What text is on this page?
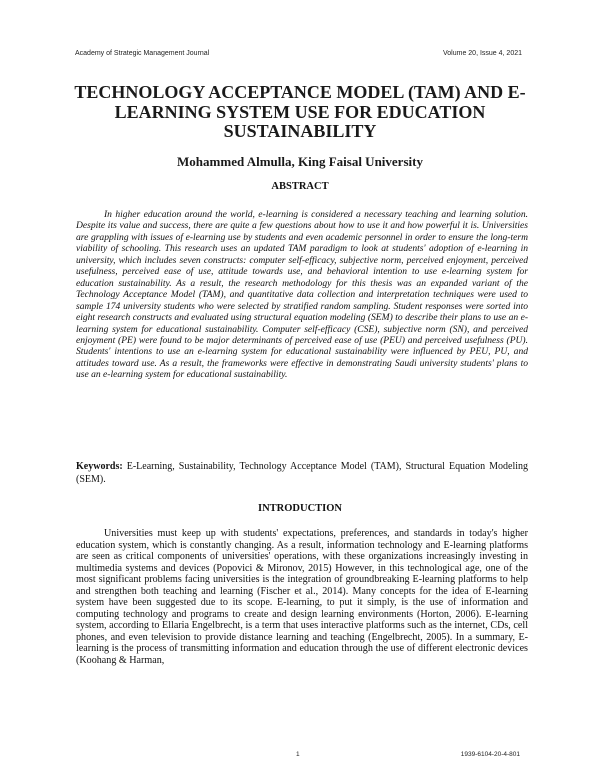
Academy of Strategic Management Journal	Volume 20, Issue 4, 2021
TECHNOLOGY ACCEPTANCE MODEL (TAM) AND E-LEARNING SYSTEM USE FOR EDUCATION SUSTAINABILITY
Mohammed Almulla, King Faisal University
ABSTRACT

In higher education around the world, e-learning is considered a necessary teaching and learning solution. Despite its value and success, there are quite a few questions about how to use it and how powerful it is. Universities are grappling with issues of e-learning use by students and even academic personnel in order to ensure the long-term viability of schooling. This research uses an updated TAM paradigm to look at students' adoption of e-learning in university, which includes seven constructs: computer self-efficacy, subjective norm, perceived enjoyment, perceived usefulness, perceived ease of use, attitude towards use, and behavioral intention to use e-learning system for education sustainability. As a result, the research methodology for this thesis was an expanded variant of the Technology Acceptance Model (TAM), and quantitative data collection and interpretation techniques were used to sample 174 university students who were selected by stratified random sampling. Student responses were sorted into eight research constructs and evaluated using structural equation modeling (SEM) to describe their plans to use an e-learning system for educational sustainability. Computer self-efficacy (CSE), subjective norm (SN), and perceived enjoyment (PE) were found to be major determinants of perceived ease of use (PEU) and perceived usefulness (PU). Students' intentions to use an e-learning system for educational sustainability were influenced by PEU, PU, and attitudes toward use. As a result, the frameworks were effective in demonstrating Saudi university students' plans to use an e-learning system for educational sustainability.

Keywords: E-Learning, Sustainability, Technology Acceptance Model (TAM), Structural Equation Modeling (SEM).

INTRODUCTION

Universities must keep up with students' expectations, preferences, and standards in today's higher education system, which is constantly changing. As a result, information technology and E-learning platforms are seen as critical components of universities' operations, with these organizations increasingly investing in multimedia systems and devices (Popovici & Mironov, 2015) However, in this technological age, one of the most significant problems facing universities is the integration of groundbreaking E-learning platforms to help and strengthen both teaching and learning (Fischer et al., 2014). Many concepts for the idea of E-learning system have been suggested due to its scope. E-learning, to put it simply, is the use of information and computing technology and programs to create and design learning environments (Horton, 2006). E-learning system, according to Ellaria Engelbrecht, is a term that uses interactive platforms such as the internet, CDs, cell phones, and even television to provide distance learning and teaching (Engelbrecht, 2005). In a summary, E-learning is the process of transmitting information and education through the use of different electronic devices (Koohang & Harman,

1	1939-6104-20-4-801
